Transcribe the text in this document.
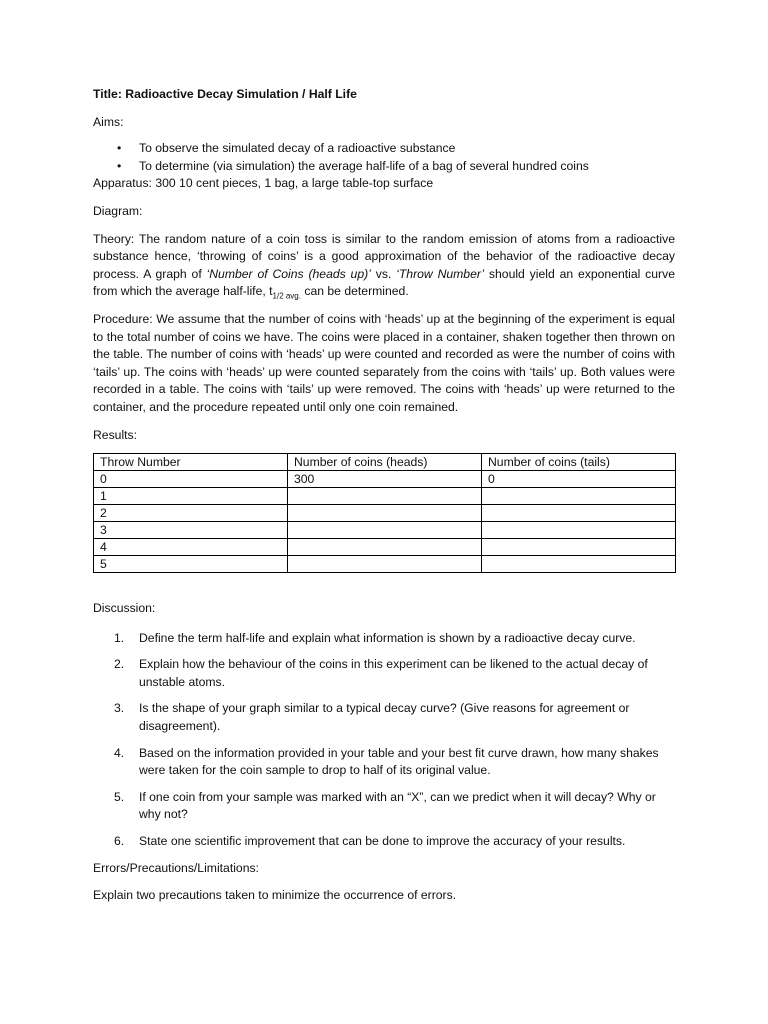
Title: Radioactive Decay Simulation / Half Life

Aims:

• To observe the simulated decay of a radioactive substance
• To determine (via simulation) the average half-life of a bag of several hundred coins

Apparatus: 300 10 cent pieces, 1 bag, a large table-top surface

Diagram:

Theory: The random nature of a coin toss is similar to the random emission of atoms from a radioactive substance hence, ‘throwing of coins’ is a good approximation of the behavior of the radioactive decay process. A graph of ‘Number of Coins (heads up)’ vs. ‘Throw Number’ should yield an exponential curve from which the average half-life, $t_{1/2 avg.}$ can be determined.

Procedure: We assume that the number of coins with ‘heads’ up at the beginning of the experiment is equal to the total number of coins we have. The coins were placed in a container, shaken together then thrown on the table. The number of coins with ‘heads’ up were counted and recorded as were the number of coins with ‘tails’ up. The coins with ‘heads’ up were counted separately from the coins with ‘tails’ up. Both values were recorded in a table. The coins with ‘tails’ up were removed. The coins with ‘heads’ up were returned to the container, and the procedure repeated until only one coin remained.

Results:

Throw Number	Number of coins (heads)	Number of coins (tails)
0	300	0
1		
2		
3		
4		
5		

Discussion:

1. Define the term half-life and explain what information is shown by a radioactive decay curve.
2. Explain how the behaviour of the coins in this experiment can be likened to the actual decay of unstable atoms.
3. Is the shape of your graph similar to a typical decay curve? (Give reasons for agreement or disagreement).
4. Based on the information provided in your table and your best fit curve drawn, how many shakes were taken for the coin sample to drop to half of its original value.
5. If one coin from your sample was marked with an “X”, can we predict when it will decay? Why or why not?
6. State one scientific improvement that can be done to improve the accuracy of your results.

Errors/Precautions/Limitations:

Explain two precautions taken to minimize the occurrence of errors.
